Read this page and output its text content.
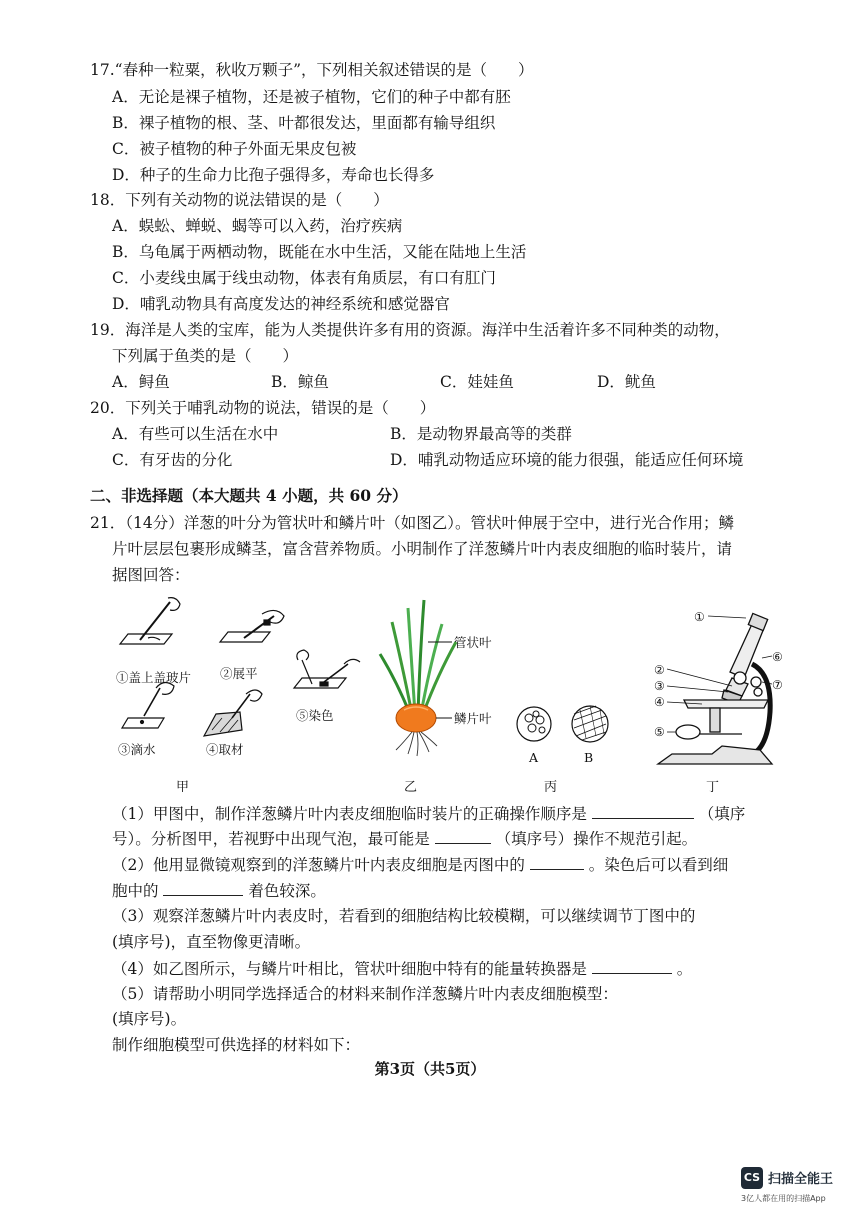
17.“春种一粒粟，秋收万颗子”，下列相关叙述错误的是（　　）
A．无论是裸子植物，还是被子植物，它们的种子中都有胚
B．裸子植物的根、茎、叶都很发达，里面都有输导组织
C．被子植物的种子外面无果皮包被
D．种子的生命力比孢子强得多，寿命也长得多
18．下列有关动物的说法错误的是（　　）
A．蜈蚣、蝉蜕、蝎等可以入药，治疗疾病
B．乌龟属于两栖动物，既能在水中生活，又能在陆地上生活
C．小麦线虫属于线虫动物，体表有角质层，有口有肛门
D．哺乳动物具有高度发达的神经系统和感觉器官
19．海洋是人类的宝库，能为人类提供许多有用的资源。海洋中生活着许多不同种类的动物，
下列属于鱼类的是（　　）
A．鲟鱼	B．鲸鱼	C．娃娃鱼	D．鱿鱼
20．下列关于哺乳动物的说法，错误的是（　　）
A．有些可以生活在水中	B．是动物界最高等的类群
C．有牙齿的分化	D．哺乳动物适应环境的能力很强，能适应任何环境
二、非选择题（本大题共 4 小题，共 60 分）
21．（14分）洋葱的叶分为管状叶和鳞片叶（如图乙）。管状叶伸展于空中，进行光合作用；鳞
片叶层层包裹形成鳞茎，富含营养物质。小明制作了洋葱鳞片叶内表皮细胞的临时装片，请
据图回答：
①盖上盖玻片 ②展平
⑤染色
③滴水	④取材
管状叶
鳞片叶
A	B
①
②
③
④
⑤
⑥
⑦
甲	乙	丙	丁
（1）甲图中，制作洋葱鳞片叶内表皮细胞临时装片的正确操作顺序是	（填序
号）。分析图甲，若视野中出现气泡，最可能是	（填序号）操作不规范引起。
（2）他用显微镜观察到的洋葱鳞片叶内表皮细胞是丙图中的	。染色后可以看到细
胞中的	着色较深。
（3）观察洋葱鳞片叶内表皮时，若看到的细胞结构比较模糊，可以继续调节丁图中的
(填序号)，直至物像更清晰。
（4）如乙图所示，与鳞片叶相比，管状叶细胞中特有的能量转换器是	。
（5）请帮助小明同学选择适合的材料来制作洋葱鳞片叶内表皮细胞模型：
(填序号)。
制作细胞模型可供选择的材料如下：
第3页（共5页）
CS 扫描全能王
3亿人都在用的扫描App
